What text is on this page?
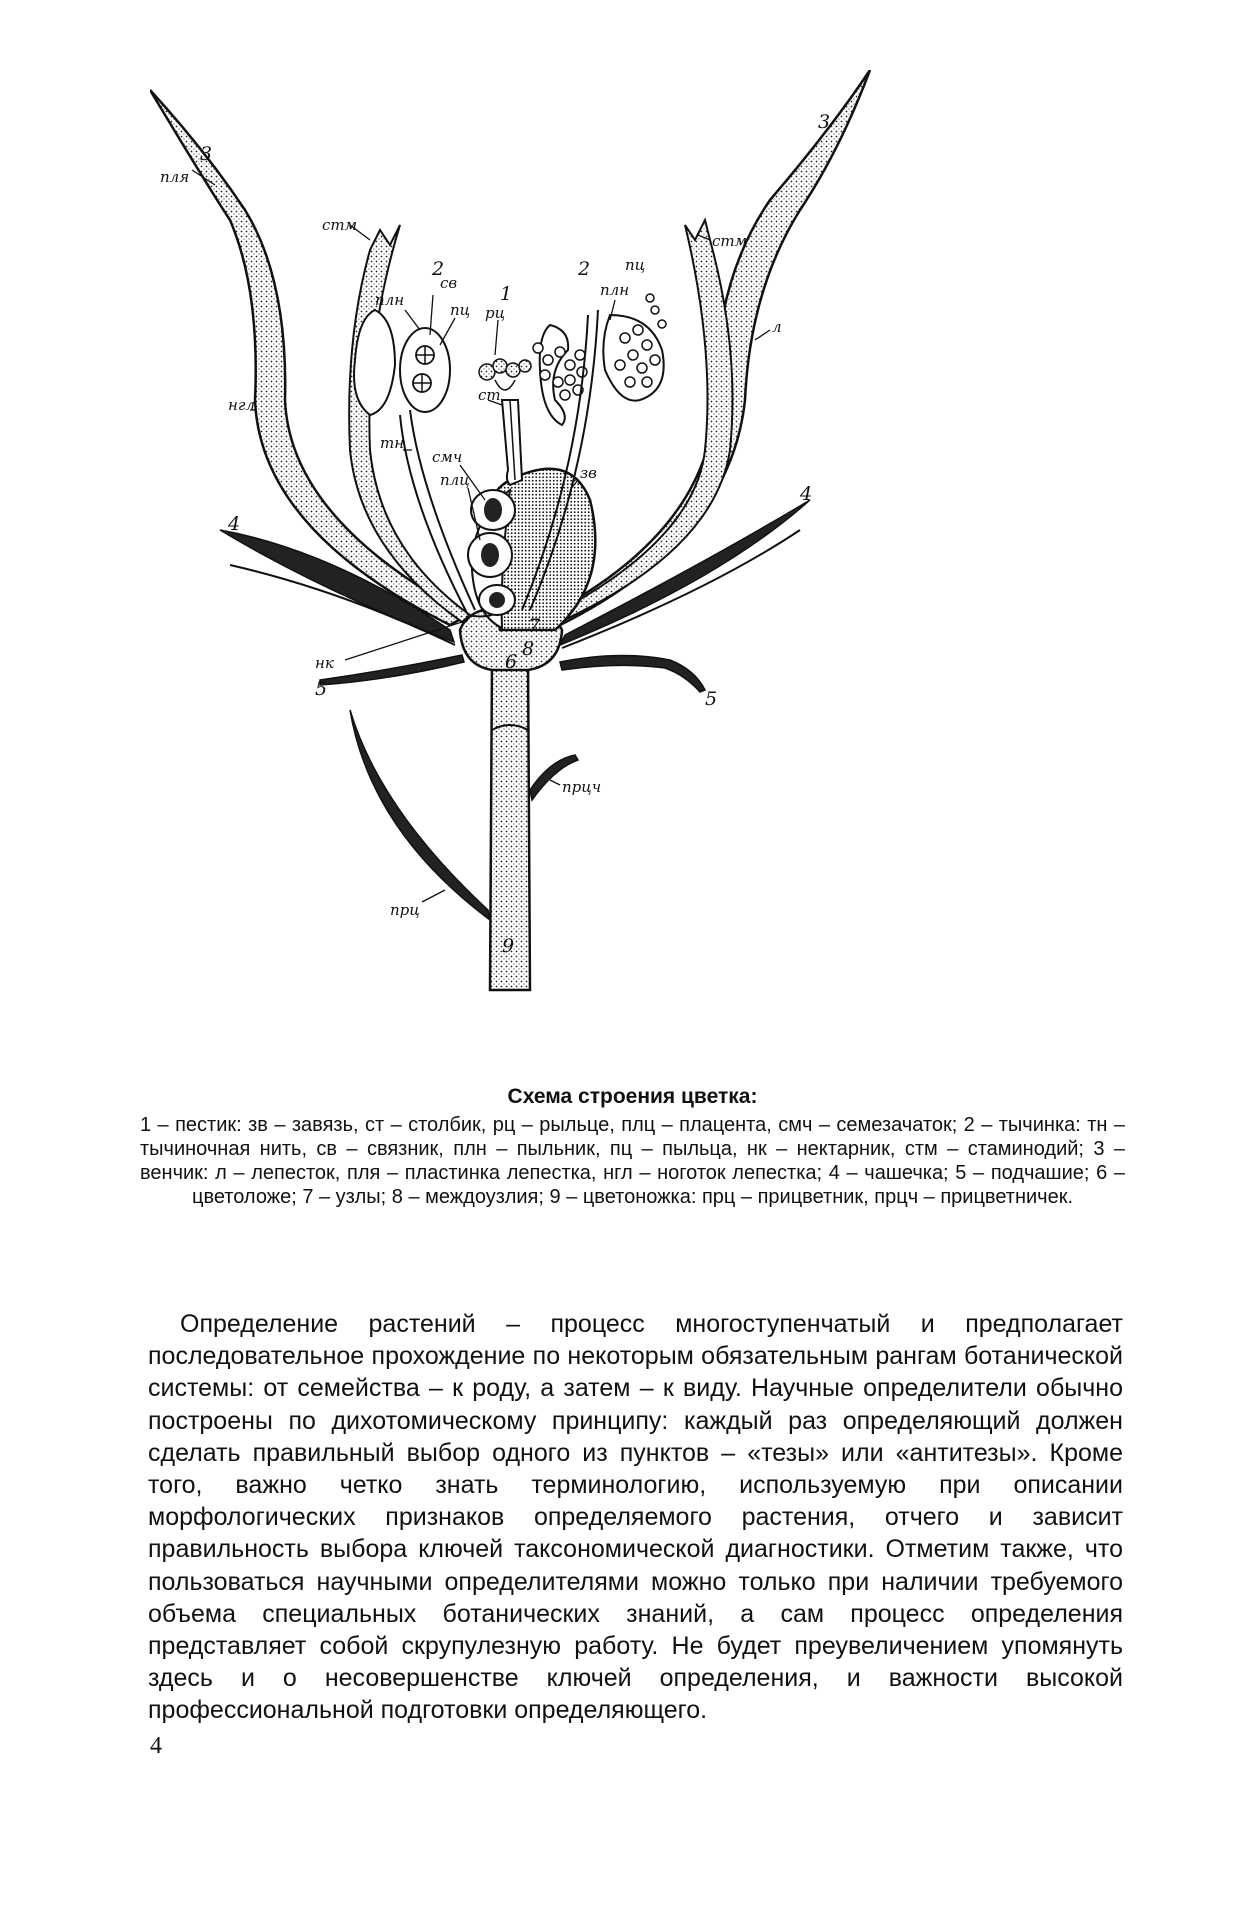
пля
стм
нгл
плн
св
пц рц
ст
тн
смч
плц	зв
плн
пц
стм
л
нк
прцч
прц
3
3
2	2
1
4
4
5	5
6
7
8
9
Схема строения цветка:
1 – пестик: зв – завязь, ст – столбик, рц – рыльце, плц – плацента, смч – семезачаток; 2 – тычинка: тн – тычиночная нить, св – связник, плн – пыльник, пц – пыльца, нк – нектарник, стм – стаминодий; 3 – венчик: л – лепесток, пля – пластинка лепестка, нгл – ноготок лепестка; 4 – чашечка; 5 – подчашие; 6 – цветоложе; 7 – узлы; 8 – междоузлия; 9 – цветоножка: прц – прицветник, прцч – прицветничек.

Определение растений – процесс многоступенчатый и предполагает последовательное прохождение по некоторым обязательным рангам ботанической системы: от семейства – к роду, а затем – к виду. Научные определители обычно построены по дихотомическому принципу: каждый раз определяющий должен сделать правильный выбор одного из пунктов – «тезы» или «антитезы». Кроме того, важно четко знать терминологию, используемую при описании морфологических признаков определяемого растения, отчего и зависит правильность выбора ключей таксономической диагностики. Отметим также, что пользоваться научными определителями можно только при наличии требуемого объема специальных ботанических знаний, а сам процесс определения представляет собой скрупулезную работу. Не будет преувеличением упомянуть здесь и о несовершенстве ключей определения, и важности высокой профессиональной подготовки определяющего.

4
